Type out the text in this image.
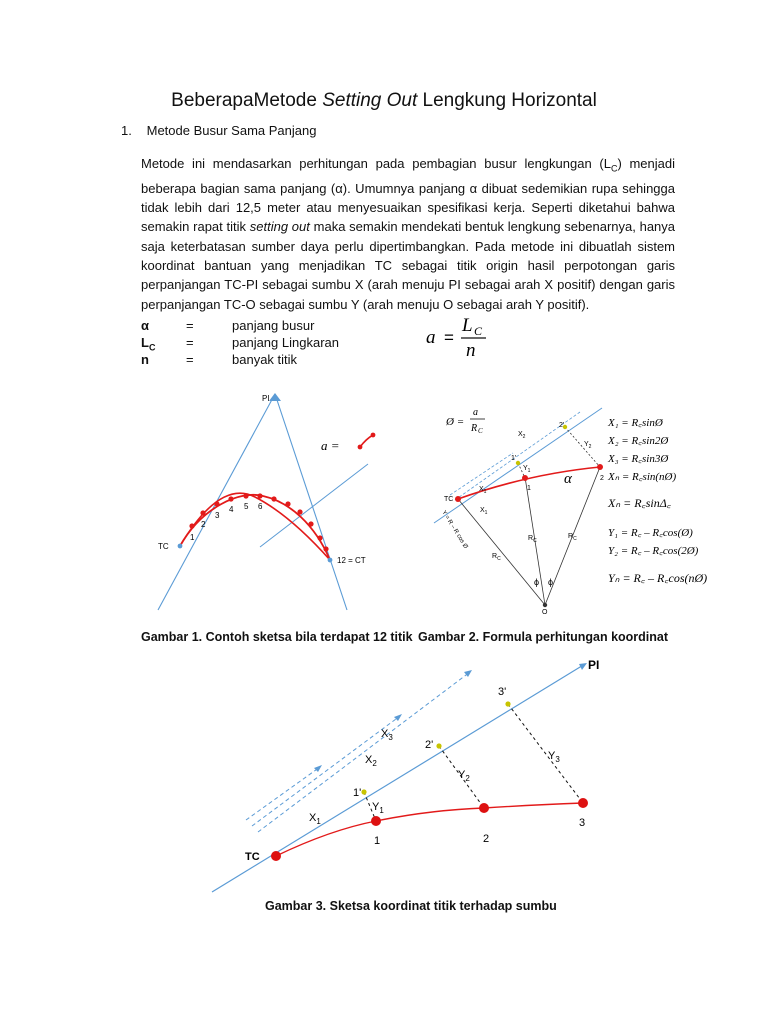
BeberapaMetode Setting Out Lengkung Horizontal
1. Metode Busur Sama Panjang
Metode ini mendasarkan perhitungan pada pembagian busur lengkungan $(L_C)$ menjadi beberapa bagian sama panjang (α). Umumnya panjang α dibuat sedemikian rupa sehingga tidak lebih dari 12,5 meter atau menyesuaikan spesifikasi kerja. Seperti diketahui bahwa semakin rapat titik setting out maka semakin mendekati bentuk lengkung sebenarnya, hanya saja keterbatasan sumber daya perlu dipertimbangkan. Pada metode ini dibuatlah sistem koordinat bantuan yang menjadikan TC sebagai titik origin hasil perpotongan garis perpanjangan TC-PI sebagai sumbu X (arah menuju PI sebagai arah X positif) dengan garis perpanjangan TC-O sebagai sumbu Y (arah menuju O sebagai arah Y positif).
α	=	panjang busur
$L_C$ =	panjang Lingkaran
n	=	banyak titik
a =
L C
n
PI
TC
12 = CT
1
2
3
4 5 6
a =
Ø =
a
R C
TC
O
$X_1$
$X_1$
$X_2$
$Y_1$
$Y_2$
1
1'
2
2'
$R_C$
$R_C$
$R_C$
ϕ ϕ
α
Y = R – R cos Ø
X₁ = R꜀sinØ
X₂ = R꜀sin2Ø
X₃ = R꜀sin3Ø
Xₙ = R꜀sin(nØ)
Xₙ = R꜀sinΔ꜀
Y₁ = R꜀ – R꜀cos(Ø)
Y₂ = R꜀ – R꜀cos(2Ø)
Yₙ = R꜀ – R꜀cos(nØ)
Gambar 1. Contoh sketsa bila terdapat 12 titik Gambar 2. Formula perhitungan koordinat
PI
TC
1	2
3
1'
2'
3'
$X_1$
$X_2$
$X_3$
$Y_1$
$Y_2$
$Y_3$
Gambar 3. Sketsa koordinat titik terhadap sumbu
